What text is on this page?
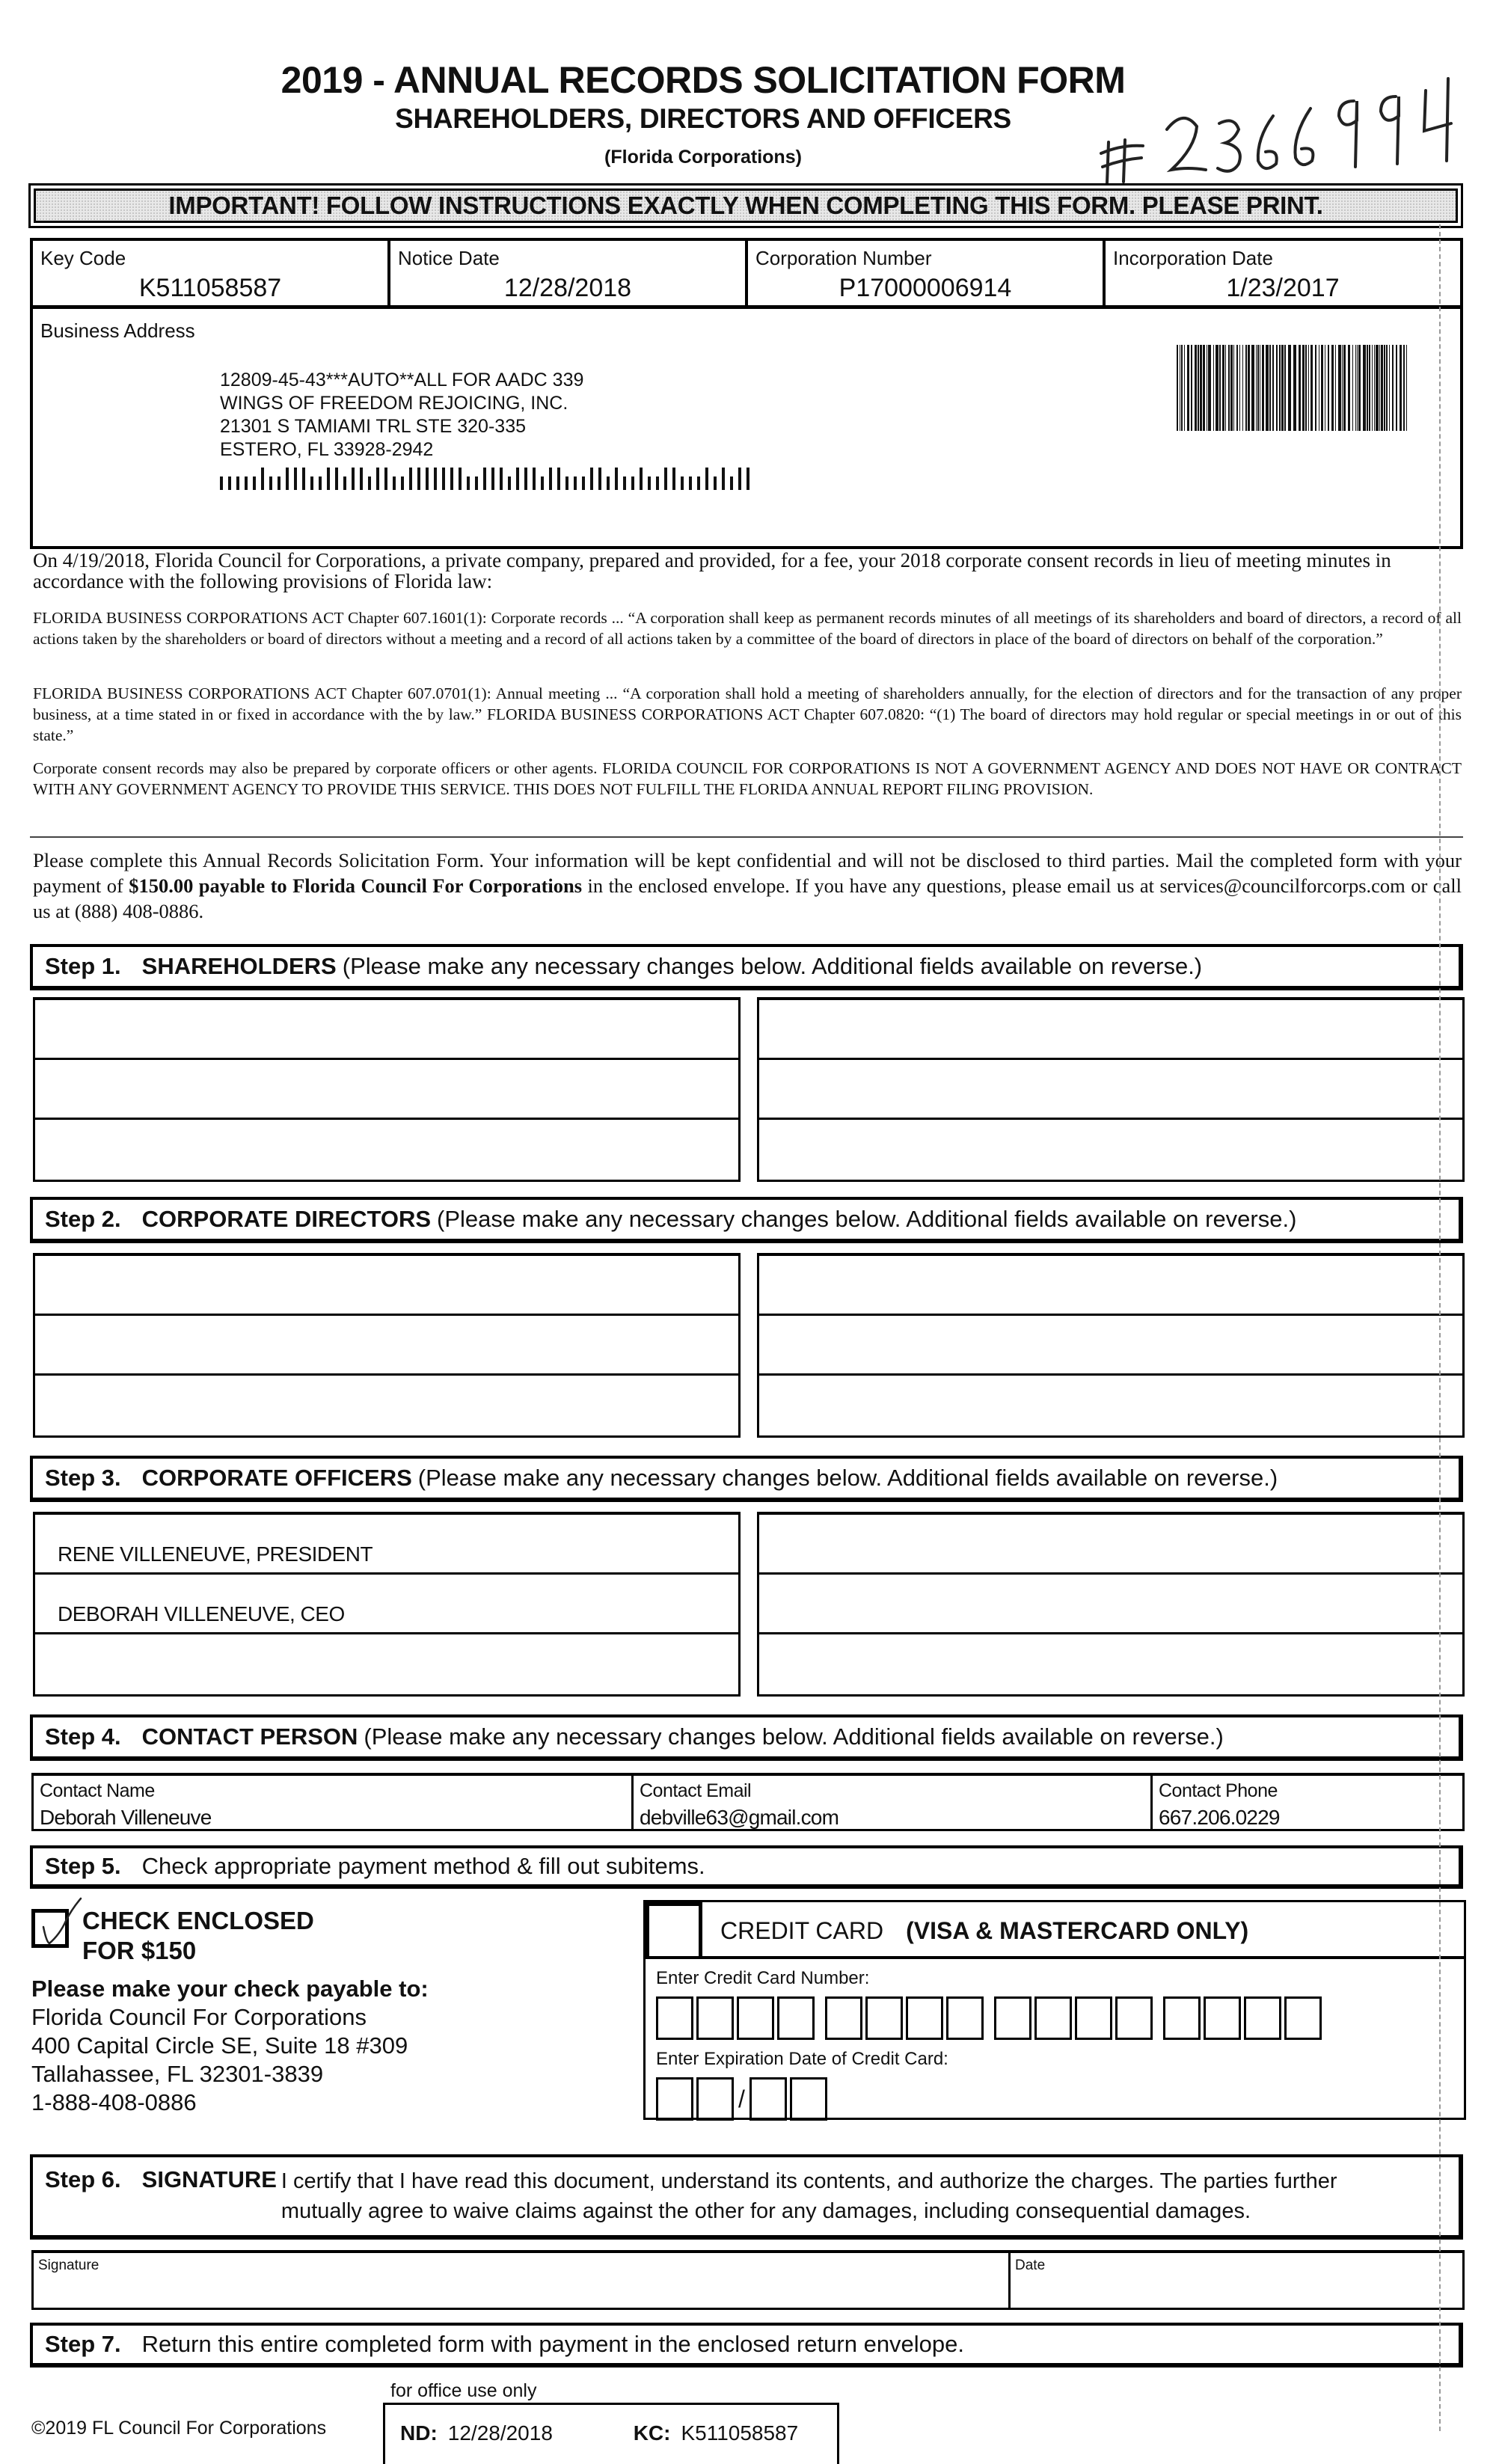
2019 - ANNUAL RECORDS SOLICITATION FORM
SHAREHOLDERS, DIRECTORS AND OFFICERS
(Florida Corporations)
IMPORTANT! FOLLOW INSTRUCTIONS EXACTLY WHEN COMPLETING THIS FORM. PLEASE PRINT.
Key Code
K511058587
Notice Date
12/28/2018
Corporation Number
P17000006914
Incorporation Date
1/23/2017
Business Address
12809-45-43***AUTO**ALL FOR AADC 339
WINGS OF FREEDOM REJOICING, INC.
21301 S TAMIAMI TRL STE 320-335
ESTERO, FL 33928-2942
On 4/19/2018, Florida Council for Corporations, a private company, prepared and provided, for a fee, your 2018 corporate consent records in lieu of meeting minutes in accordance with the following provisions of Florida law:
FLORIDA BUSINESS CORPORATIONS ACT Chapter 607.1601(1): Corporate records ... “A corporation shall keep as permanent records minutes of all meetings of its shareholders and board of directors, a record of all actions taken by the shareholders or board of directors without a meeting and a record of all actions taken by a committee of the board of directors in place of the board of directors on behalf of the corporation.”
FLORIDA BUSINESS CORPORATIONS ACT Chapter 607.0701(1): Annual meeting ... “A corporation shall hold a meeting of shareholders annually, for the election of directors and for the transaction of any proper business, at a time stated in or fixed in accordance with the by law.” FLORIDA BUSINESS CORPORATIONS ACT Chapter 607.0820: “(1) The board of directors may hold regular or special meetings in or out of this state.”
Corporate consent records may also be prepared by corporate officers or other agents. FLORIDA COUNCIL FOR CORPORATIONS IS NOT A GOVERNMENT AGENCY AND DOES NOT HAVE OR CONTRACT WITH ANY GOVERNMENT AGENCY TO PROVIDE THIS SERVICE. THIS DOES NOT FULFILL THE FLORIDA ANNUAL REPORT FILING PROVISION.
Please complete this Annual Records Solicitation Form. Your information will be kept confidential and will not be disclosed to third parties. Mail the completed form with your payment of $150.00 payable to Florida Council For Corporations in the enclosed envelope. If you have any questions, please email us at services@councilforcorps.com or call us at (888) 408-0886.
Step 1. SHAREHOLDERS (Please make any necessary changes below. Additional fields available on reverse.)
Step 2. CORPORATE DIRECTORS (Please make any necessary changes below. Additional fields available on reverse.)
Step 3. CORPORATE OFFICERS (Please make any necessary changes below. Additional fields available on reverse.)
RENE VILLENEUVE, PRESIDENT
DEBORAH VILLENEUVE, CEO
Step 4. CONTACT PERSON (Please make any necessary changes below. Additional fields available on reverse.)
Contact Name
Deborah Villeneuve
Contact Email
debville63@gmail.com
Contact Phone
667.206.0229
Step 5. Check appropriate payment method & fill out subitems.
CHECK ENCLOSED
FOR $150
Please make your check payable to:
Florida Council For Corporations
400 Capital Circle SE, Suite 18 #309
Tallahassee, FL 32301-3839
1-888-408-0886
CREDIT CARD (VISA & MASTERCARD ONLY)
Enter Credit Card Number:
Enter Expiration Date of Credit Card:
/
Step 6. SIGNATURE I certify that I have read this document, understand its contents, and authorize the charges. The parties further mutually agree to waive claims against the other for any damages, including consequential damages.
Signature	Date
Step 7. Return this entire completed form with payment in the enclosed return envelope.
©2019 FL Council For Corporations
for office use only
ND: 12/28/2018	KC: K511058587
